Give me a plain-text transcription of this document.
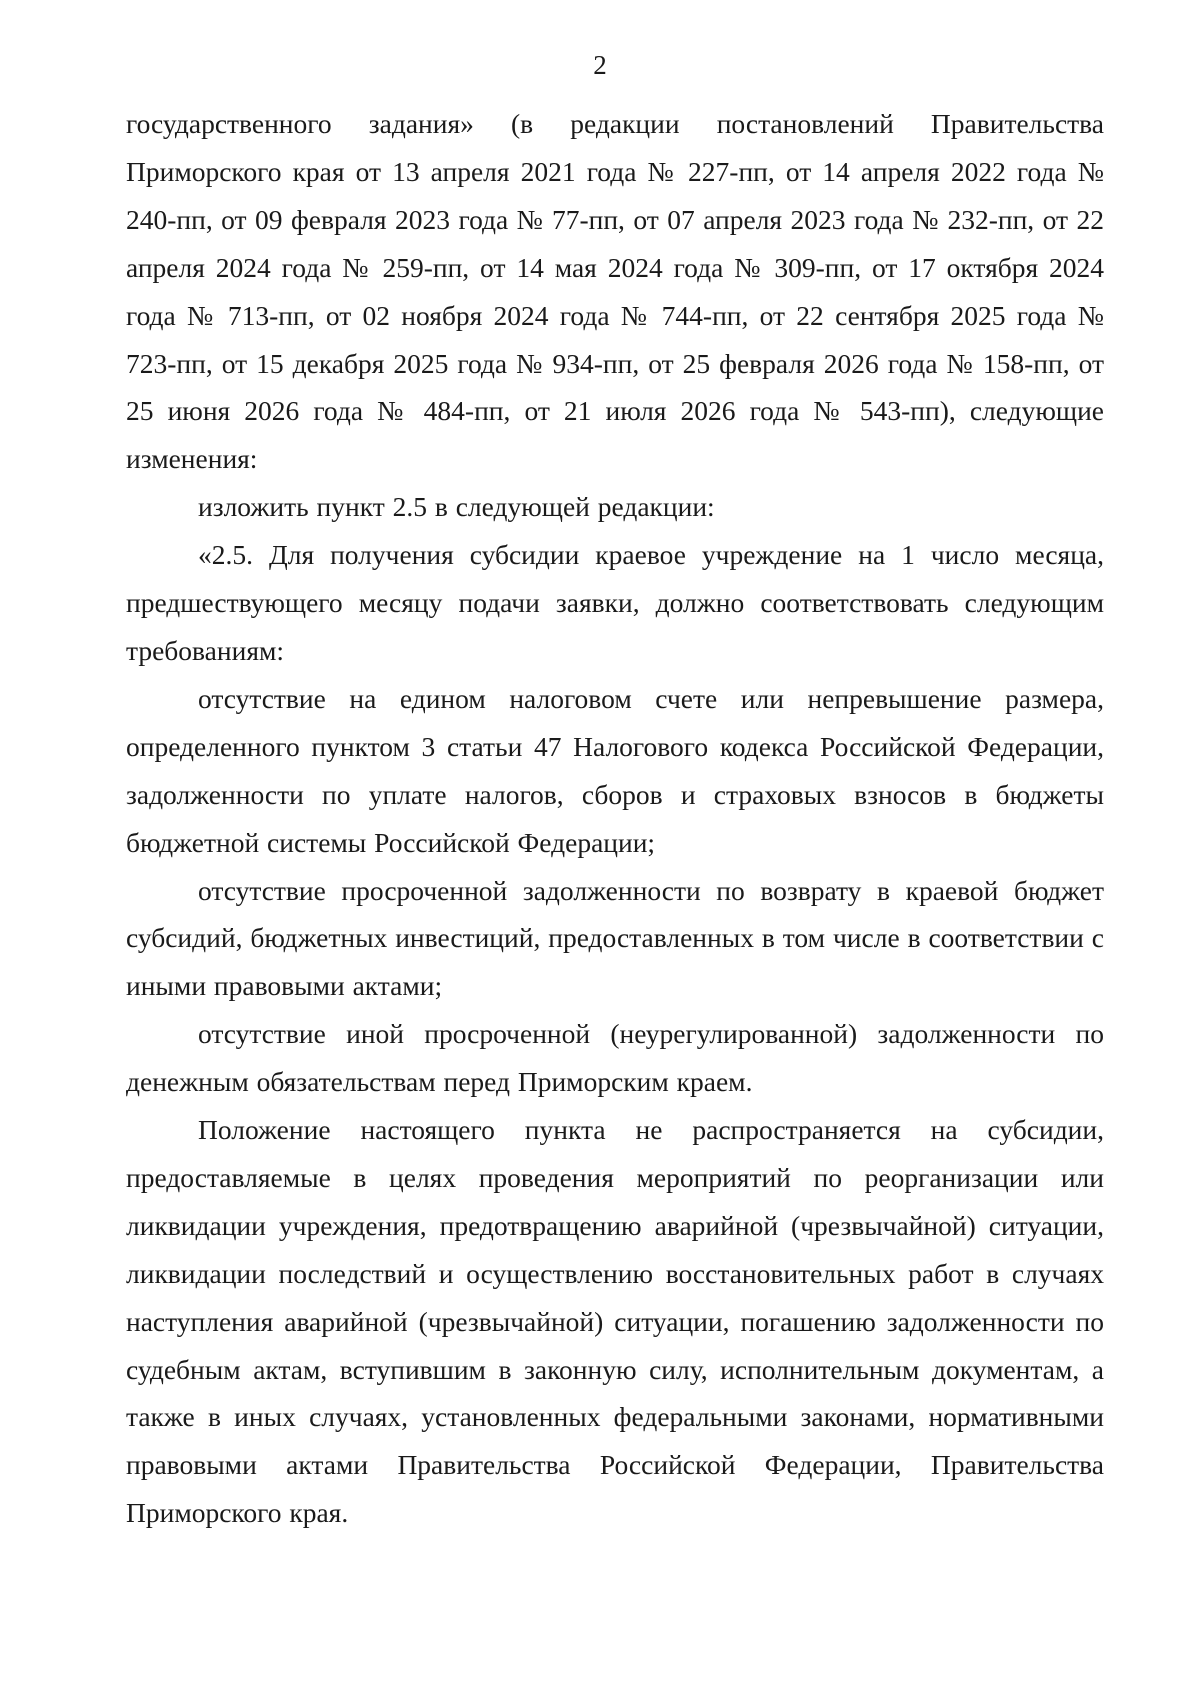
2

государственного задания» (в редакции постановлений Правительства Приморского края от 13 апреля 2021 года № 227-пп, от 14 апреля 2022 года № 240-пп, от 09 февраля 2023 года № 77-пп, от 07 апреля 2023 года № 232-пп, от 22 апреля 2024 года № 259-пп, от 14 мая 2024 года № 309-пп, от 17 октября 2024 года № 713-пп, от 02 ноября 2024 года № 744-пп, от 22 сентября 2025 года № 723-пп, от 15 декабря 2025 года № 934-пп, от 25 февраля 2026 года № 158-пп, от 25 июня 2026 года № 484-пп, от 21 июля 2026 года № 543-пп), следующие изменения:

изложить пункт 2.5 в следующей редакции:

«2.5. Для получения субсидии краевое учреждение на 1 число месяца, предшествующего месяцу подачи заявки, должно соответствовать следующим требованиям:

отсутствие на едином налоговом счете или непревышение размера, определенного пунктом 3 статьи 47 Налогового кодекса Российской Федерации, задолженности по уплате налогов, сборов и страховых взносов в бюджеты бюджетной системы Российской Федерации;

отсутствие просроченной задолженности по возврату в краевой бюджет субсидий, бюджетных инвестиций, предоставленных в том числе в соответствии с иными правовыми актами;

отсутствие иной просроченной (неурегулированной) задолженности по денежным обязательствам перед Приморским краем.

Положение настоящего пункта не распространяется на субсидии, предоставляемые в целях проведения мероприятий по реорганизации или ликвидации учреждения, предотвращению аварийной (чрезвычайной) ситуации, ликвидации последствий и осуществлению восстановительных работ в случаях наступления аварийной (чрезвычайной) ситуации, погашению задолженности по судебным актам, вступившим в законную силу, исполнительным документам, а также в иных случаях, установленных федеральными законами, нормативными правовыми актами Правительства Российской Федерации, Правительства Приморского края.
